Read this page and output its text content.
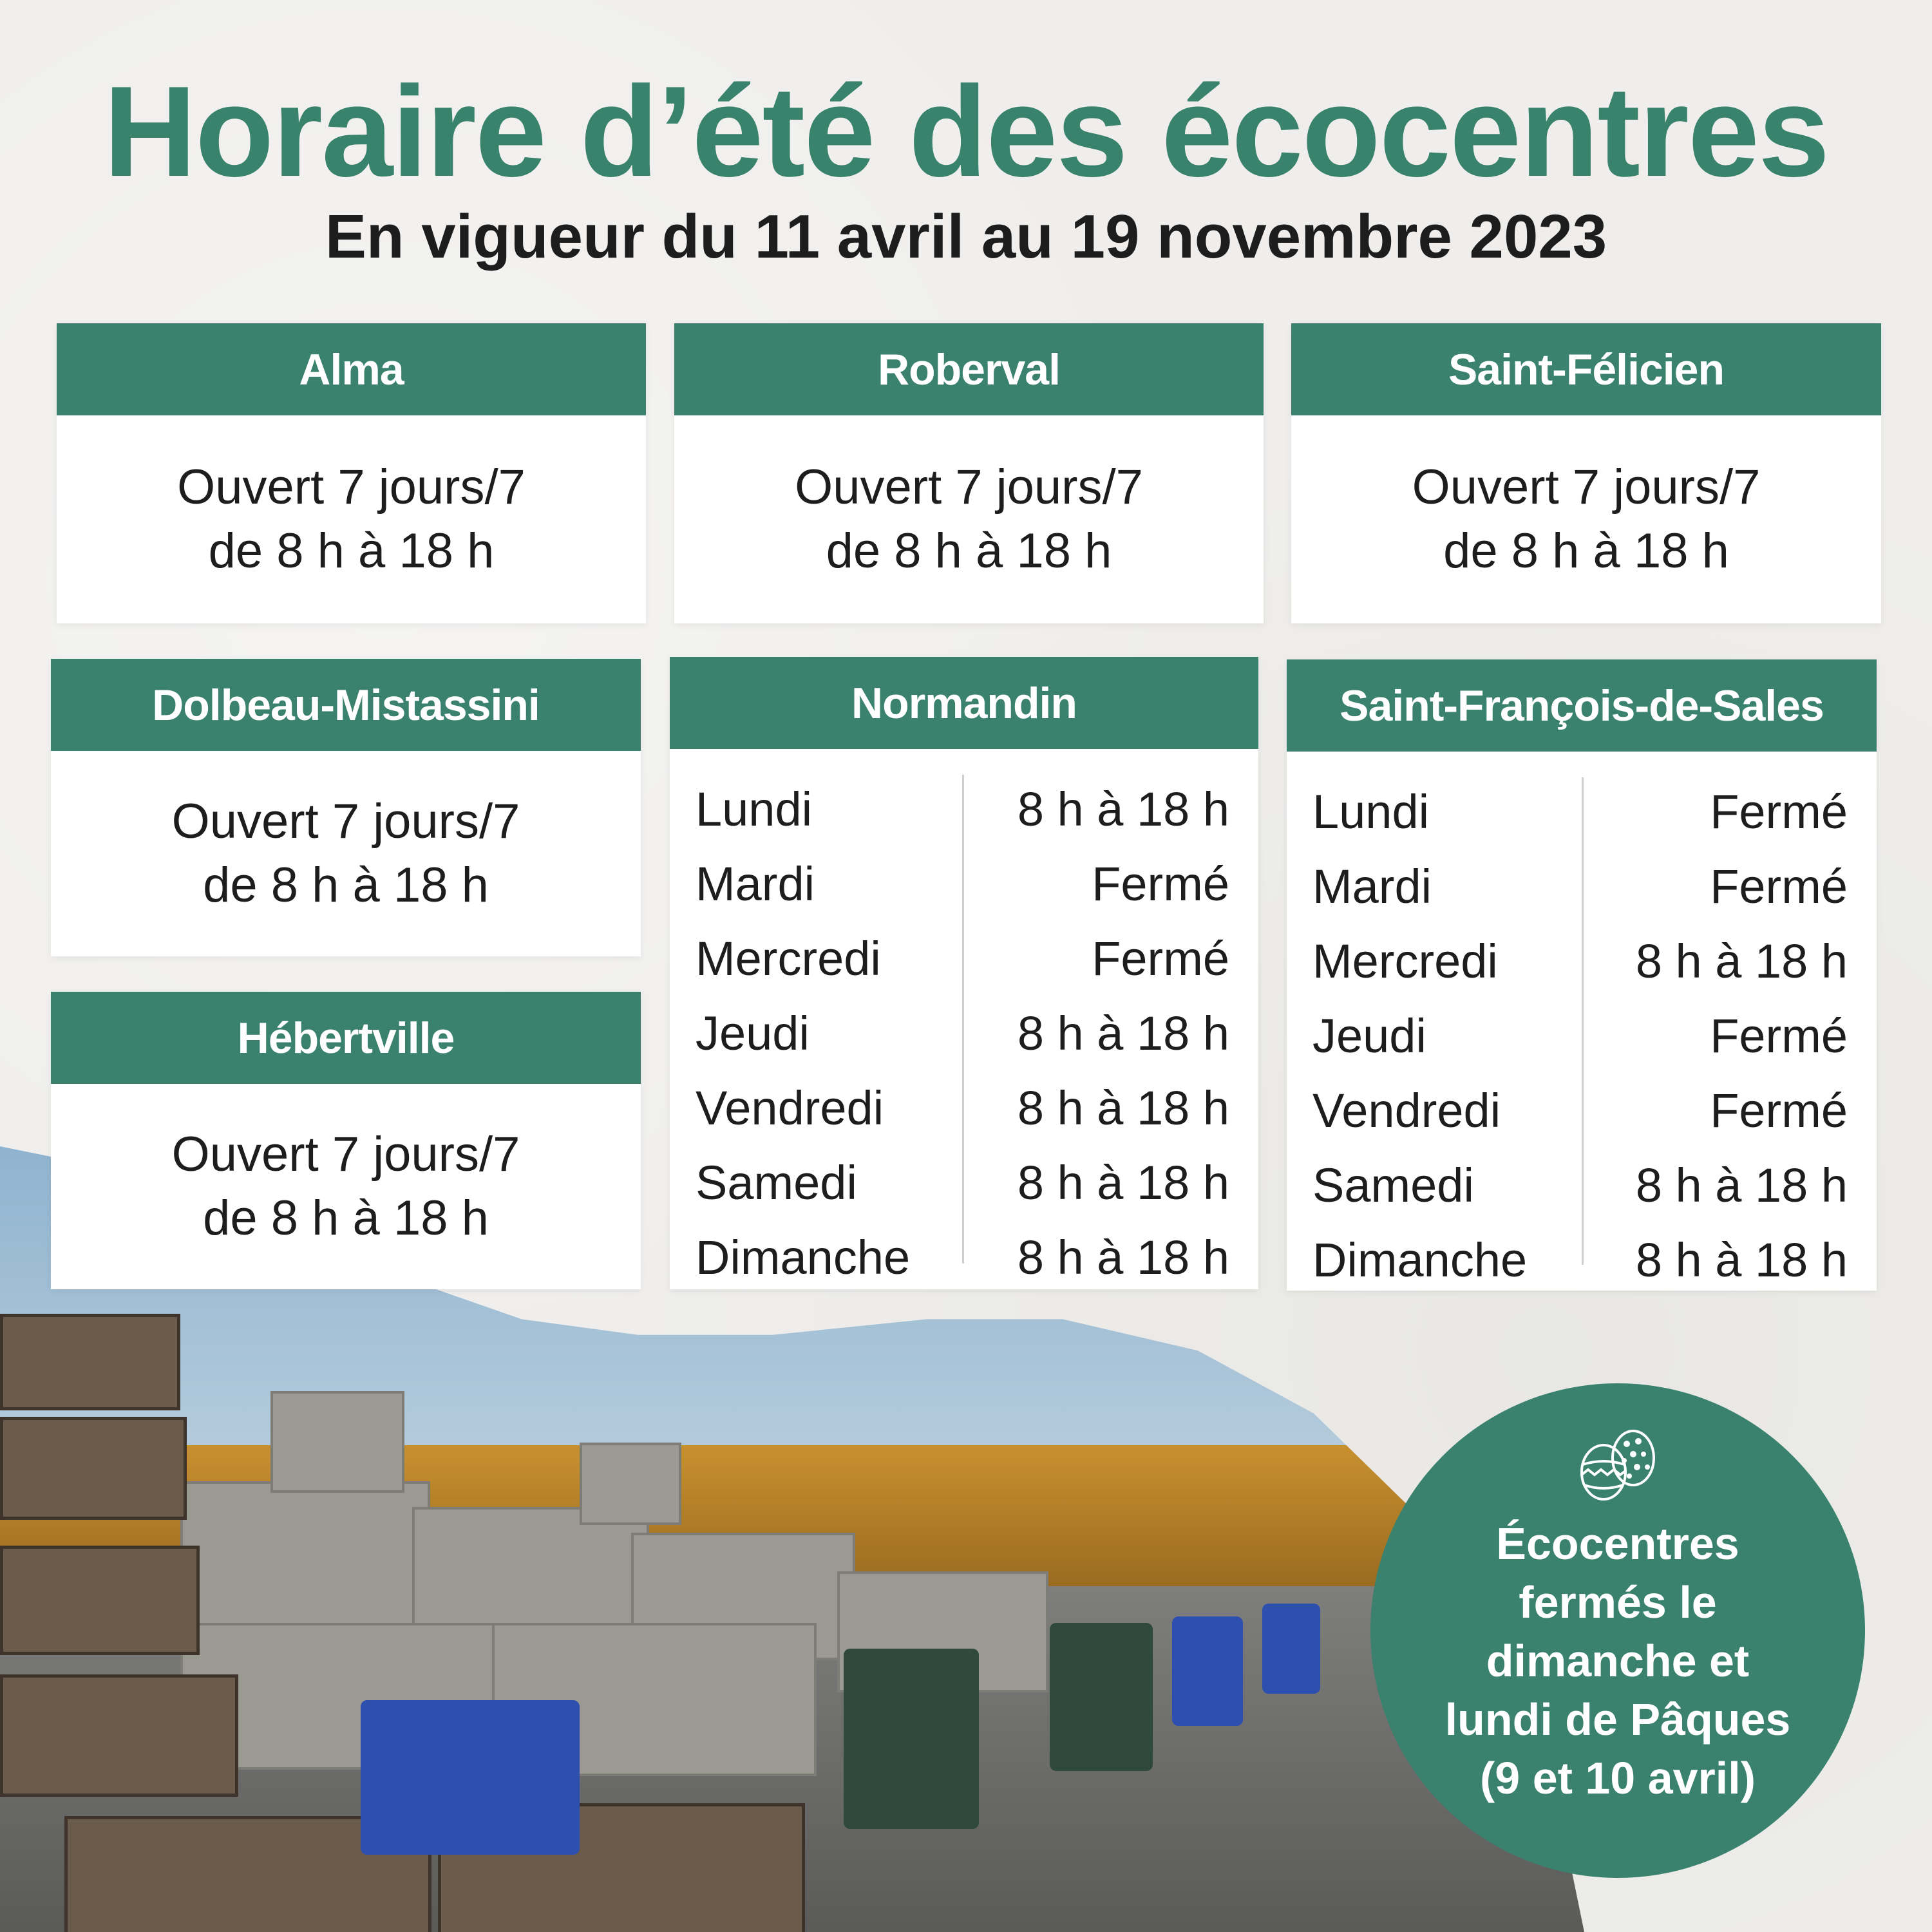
Horaire d’été des écocentres
En vigueur du 11 avril au 19 novembre 2023
Alma
Ouvert 7 jours/7
de 8 h à 18 h
Roberval
Ouvert 7 jours/7
de 8 h à 18 h
Saint-Félicien
Ouvert 7 jours/7
de 8 h à 18 h
Dolbeau-Mistassini
Ouvert 7 jours/7
de 8 h à 18 h
Hébertville
Ouvert 7 jours/7
de 8 h à 18 h
Normandin
Lundi	8 h à 18 h
Mardi	Fermé
Mercredi	Fermé
Jeudi	8 h à 18 h
Vendredi	8 h à 18 h
Samedi	8 h à 18 h
Dimanche 8 h à 18 h
Saint-François-de-Sales
Lundi	Fermé
Mardi	Fermé
Mercredi	8 h à 18 h
Jeudi	Fermé
Vendredi	Fermé
Samedi	8 h à 18 h
Dimanche 8 h à 18 h
Écocentres
fermés le
dimanche et
lundi de Pâques
(9 et 10 avril)
